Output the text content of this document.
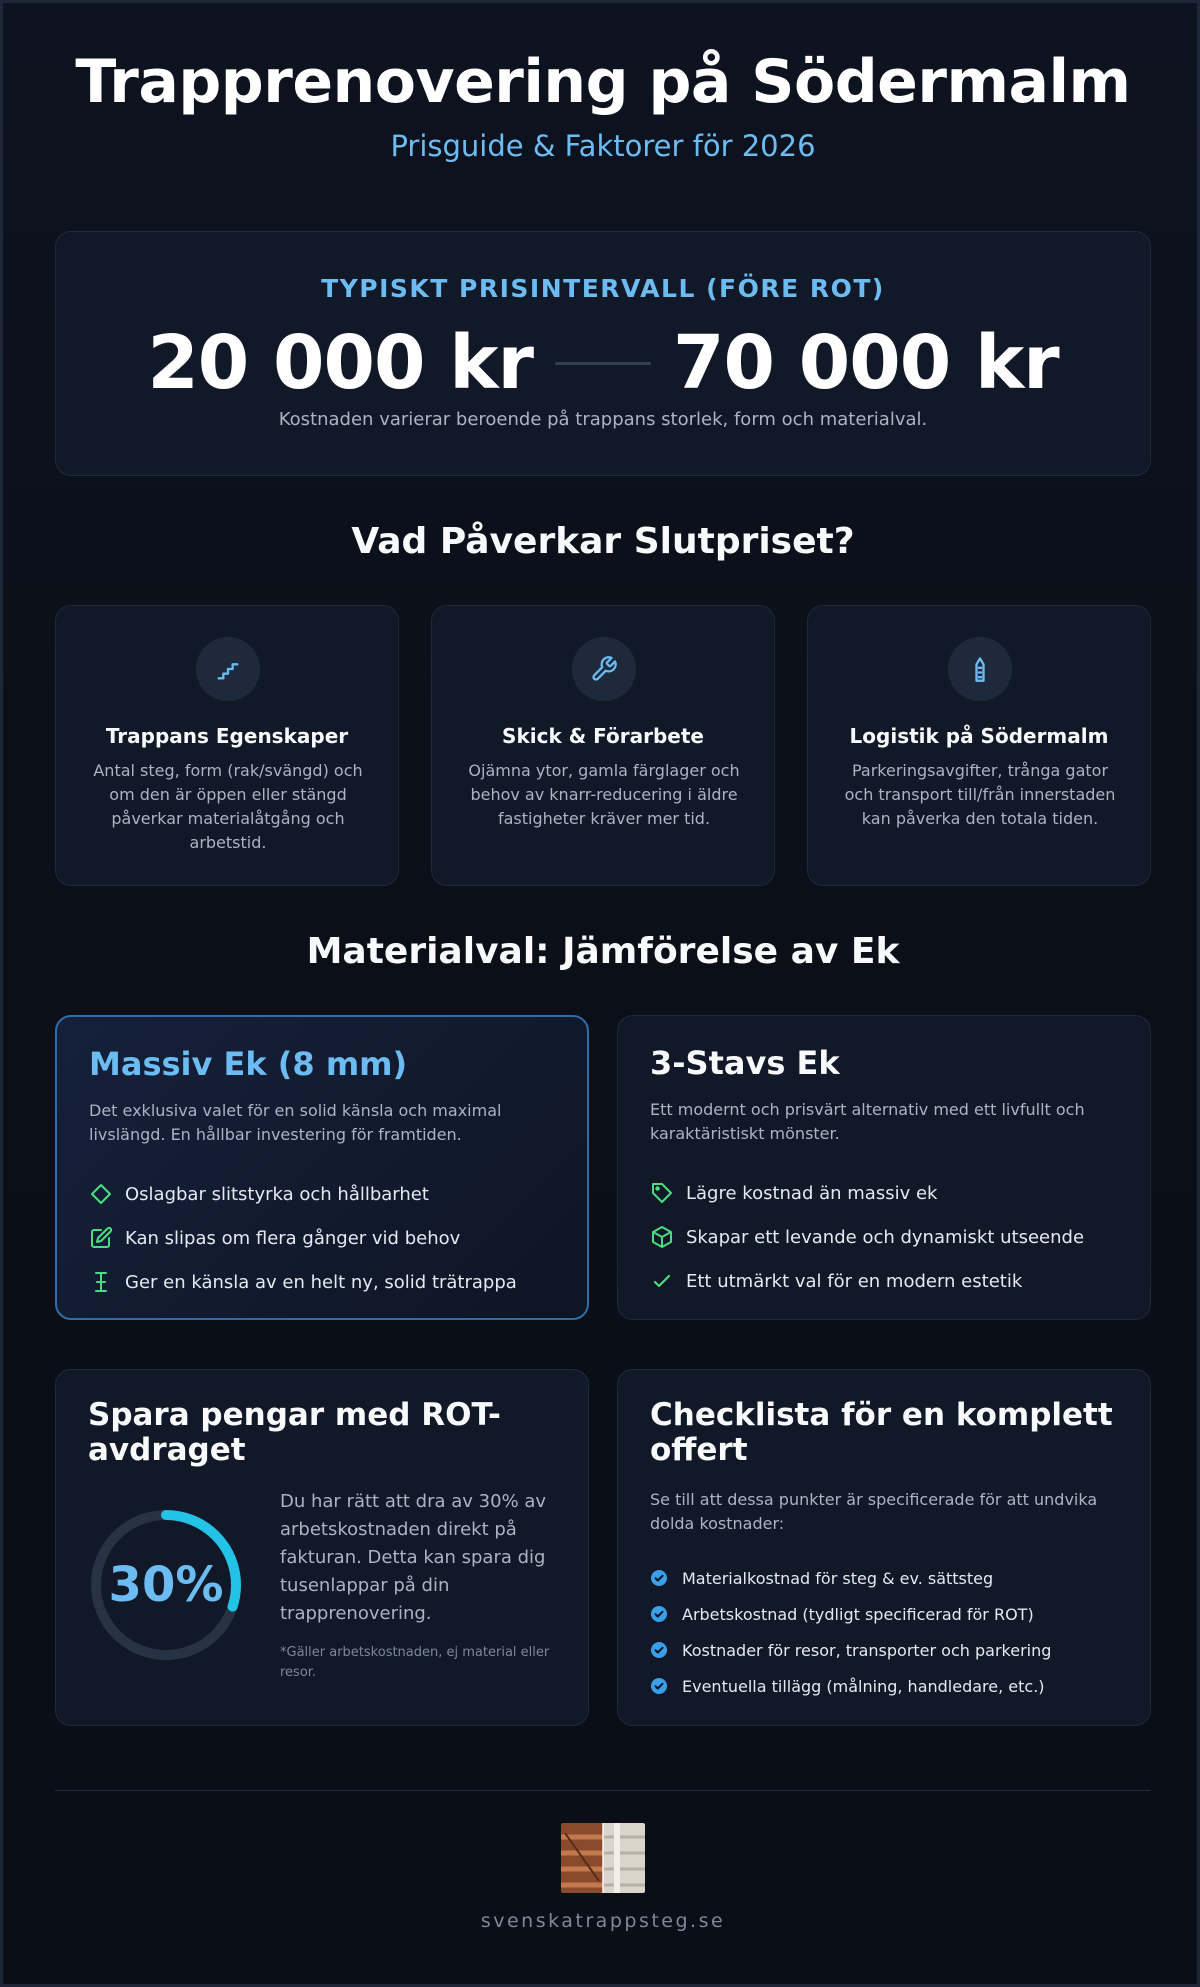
Trapprenovering på Södermalm
Prisguide & Faktorer för 2026
TYPISKT PRISINTERVALL (FÖRE ROT)
20 000 kr 70 000 kr
Kostnaden varierar beroende på trappans storlek, form och materialval.
Vad Påverkar Slutpriset?
Trappans Egenskaper
Antal steg, form (rak/svängd) och om den är öppen eller stängd påverkar materialåtgång och arbetstid.
Skick & Förarbete
Ojämna ytor, gamla färglager och behov av knarr-reducering i äldre fastigheter kräver mer tid.
Logistik på Södermalm
Parkeringsavgifter, trånga gator och transport till/från innerstaden kan påverka den totala tiden.
Materialval: Jämförelse av Ek
Massiv Ek (8 mm)
Det exklusiva valet för en solid känsla och maximal livslängd. En hållbar investering för framtiden.
Oslagbar slitstyrka och hållbarhet
Kan slipas om flera gånger vid behov
Ger en känsla av en helt ny, solid trätrappa
3-Stavs Ek
Ett modernt och prisvärt alternativ med ett livfullt och karaktäristiskt mönster.
Lägre kostnad än massiv ek
Skapar ett levande och dynamiskt utseende
Ett utmärkt val för en modern estetik
Spara pengar med ROT-avdraget
30%
Du har rätt att dra av 30% av arbetskostnaden direkt på fakturan. Detta kan spara dig tusenlappar på din trapprenovering.
*Gäller arbetskostnaden, ej material eller resor.
Checklista för en komplett offert
Se till att dessa punkter är specificerade för att undvika dolda kostnader:
Materialkostnad för steg & ev. sättsteg
Arbetskostnad (tydligt specificerad för ROT)
Kostnader för resor, transporter och parkering
Eventuella tillägg (målning, handledare, etc.)
svenskatrappsteg.se
